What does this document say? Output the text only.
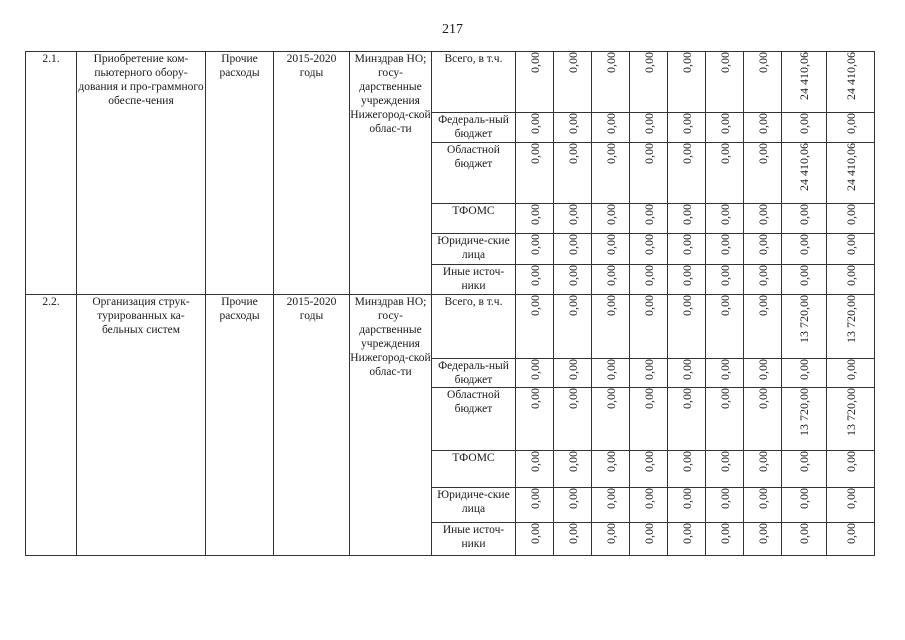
217
2.1.	Приобретение ком-пьютерного обору-дования и про-граммного обеспе-чения	Прочие расходы	2015-2020 годы	Минздрав НО; госу-дарственные учреждения Нижегород-ской облас-ти	Всего, в т.ч.	0,00	0,00	0,00	0,00	0,00	0,00	0,00	24 410,06	24 410,06
					Федераль-ный бюджет	0,00	0,00	0,00	0,00	0,00	0,00	0,00	0,00	0,00
					Областной бюджет	0,00	0,00	0,00	0,00	0,00	0,00	0,00	24 410,06	24 410,06
					ТФОМС	0,00	0,00	0,00	0,00	0,00	0,00	0,00	0,00	0,00
					Юридиче-ские лица	0,00	0,00	0,00	0,00	0,00	0,00	0,00	0,00	0,00
					Иные источ-ники	0,00	0,00	0,00	0,00	0,00	0,00	0,00	0,00	0,00
2.2.	Организация струк-турированных ка-бельных систем	Прочие расходы	2015-2020 годы	Минздрав НО; госу-дарственные учреждения Нижегород-ской облас-ти	Всего, в т.ч.	0,00	0,00	0,00	0,00	0,00	0,00	0,00	13 720,00	13 720,00
					Федераль-ный бюджет	0,00	0,00	0,00	0,00	0,00	0,00	0,00	0,00	0,00
					Областной бюджет	0,00	0,00	0,00	0,00	0,00	0,00	0,00	13 720,00	13 720,00
					ТФОМС	0,00	0,00	0,00	0,00	0,00	0,00	0,00	0,00	0,00
					Юридиче-ские лица	0,00	0,00	0,00	0,00	0,00	0,00	0,00	0,00	0,00
					Иные источ-ники	0,00	0,00	0,00	0,00	0,00	0,00	0,00	0,00	0,00
